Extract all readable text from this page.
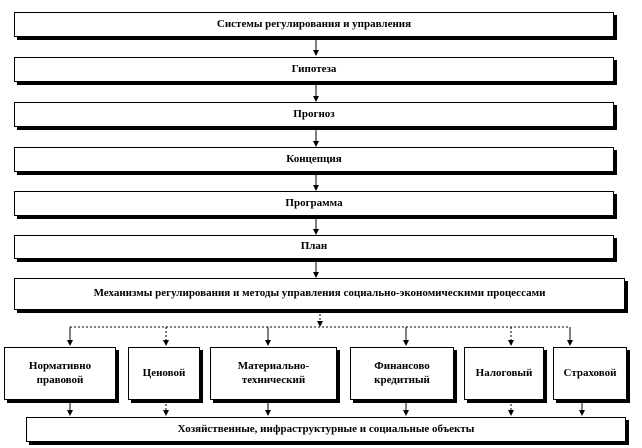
Системы регулирования и управления
Гипотеза
Прогноз
Концепция
Программа
План
Механизмы регулирования и методы управления социально-экономическими процессами
Нормативно правовой
Ценовой
Материально-технический
Финансово кредитный
Налоговый	Страховой
Хозяйственные, инфраструктурные и социальные объекты
